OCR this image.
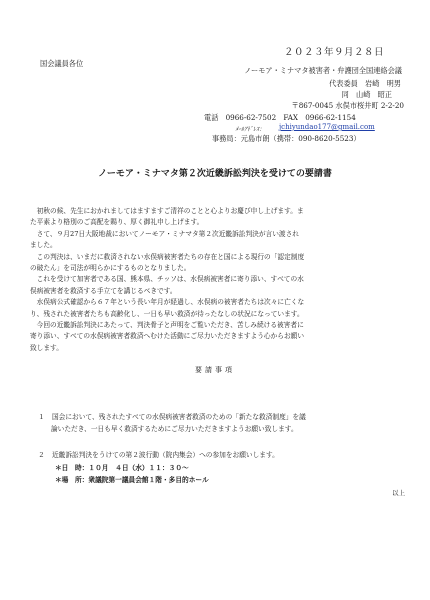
２０２３年９月２８日
国会議員各位
ノーモア・ミナマタ被害者・弁護団全国連絡会議
代表委員　岩崎　明男
同　山崎　昭正
〒867-0045 水俣市桜井町 2-2-20
電話　0966-62-7502　FAX　0966-62-1154
ﾒｰﾙｱﾄﾞﾚｽ： jchiyundao177@gmail.com
事務局：元島市朗（携帯：090-8620-5523）
ノーモア・ミナマタ第２次近畿訴訟判決を受けての要請書

　初秋の候、先生におかれましてはますますご清祥のことと心よりお慶び申し上げます。ま

た平素より格別のご高配を賜り、厚く御礼申し上げます。

　さて、９月27日大阪地裁においてノーモア・ミナマタ第２次近畿訴訟判決が言い渡され

ました。

　この判決は、いまだに救済されない水俣病被害者たちの存在と国による現行の「認定制度

の破たん」を司法が明らかにするものとなりました。

　これを受けて加害者である国、熊本県、チッソは、水俣病被害者に寄り添い、すべての水

俣病被害者を救済する手立てを講じるべきです。

　水俣病公式確認から６７年という長い年月が経過し、水俣病の被害者たちは次々に亡くな

り、残された被害者たちも高齢化し、一日も早い救済が待ったなしの状況になっています。

　今回の近畿訴訟判決にあたって、判決骨子と声明をご覧いただき、苦しみ続ける被害者に

寄り添い、すべての水俣病被害者救済へむけた活動にご尽力いただきますよう心からお願い

致します。

要請事項

１ 国会において、残されたすべての水俣病被害者救済のための「新たな救済制度」を議

論いただき、一日も早く救済するためにご尽力いただきますようお願い致します。

２ 近畿訴訟判決をうけての第２波行動（院内集会）への参加をお願いします。

＊日　時：１０月　４日（水）１１：３０～

＊場　所：衆議院第一議員会館１階・多目的ホール

以上
